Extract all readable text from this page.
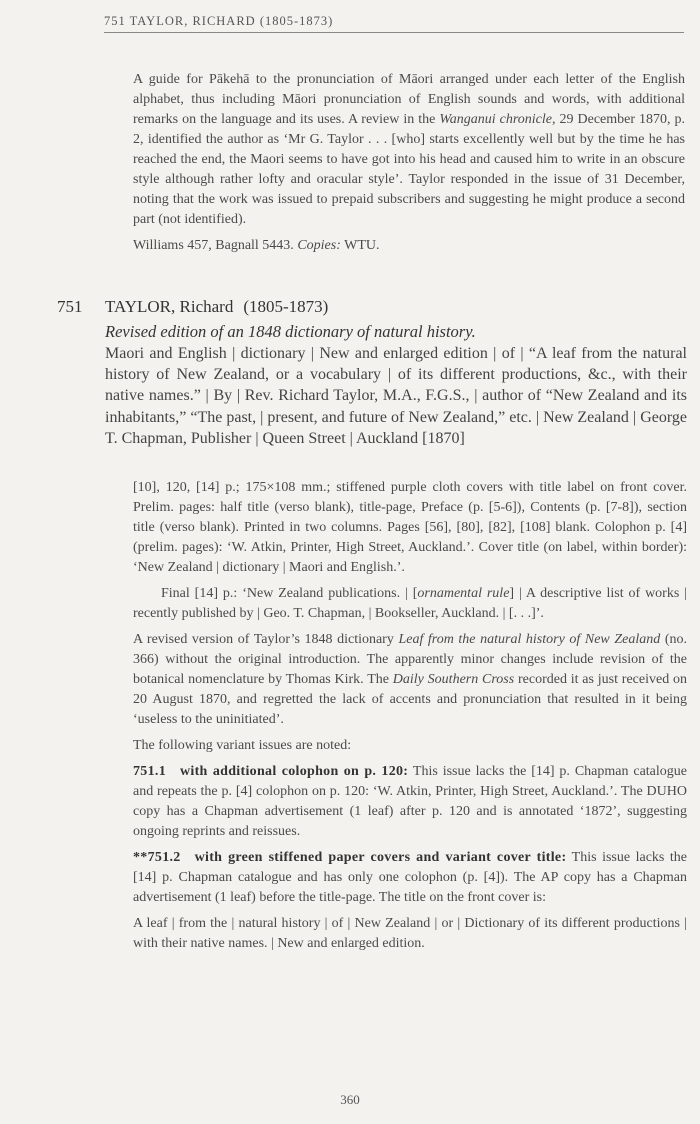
751 TAYLOR, RICHARD (1805-1873)

A guide for Pākehā to the pronunciation of Māori arranged under each letter of the English alphabet, thus including Māori pronunciation of English sounds and words, with additional remarks on the language and its uses. A review in the Wanganui chronicle, 29 December 1870, p. 2, identified the author as ‘Mr G. Taylor . . . [who] starts excellently well but by the time he has reached the end, the Maori seems to have got into his head and caused him to write in an obscure style although rather lofty and oracular style’. Taylor responded in the issue of 31 December, noting that the work was issued to prepaid subscribers and suggesting he might produce a second part (not identified).

Williams 457, Bagnall 5443. Copies: WTU.

751 TAYLOR, Richard (1805-1873)
Revised edition of an 1848 dictionary of natural history.
Maori and English | dictionary | New and enlarged edition | of | “A leaf from the natural history of New Zealand, or a vocabulary | of its different productions, &c., with their native names.” | By | Rev. Richard Taylor, M.A., F.G.S., | author of “New Zealand and its inhabitants,” “The past, | present, and future of New Zealand,” etc. | New Zealand | George T. Chapman, Publisher | Queen Street | Auckland [1870]

[10], 120, [14] p.; 175×108 mm.; stiffened purple cloth covers with title label on front cover. Prelim. pages: half title (verso blank), title-page, Preface (p. [5-6]), Contents (p. [7-8]), section title (verso blank). Printed in two columns. Pages [56], [80], [82], [108] blank. Colophon p. [4] (prelim. pages): ‘W. Atkin, Printer, High Street, Auckland.’. Cover title (on label, within border): ‘New Zealand | dictionary | Maori and English.’.

Final [14] p.: ‘New Zealand publications. | [ornamental rule] | A descriptive list of works | recently published by | Geo. T. Chapman, | Bookseller, Auckland. | [. . .]’.

A revised version of Taylor’s 1848 dictionary Leaf from the natural history of New Zealand (no. 366) without the original introduction. The apparently minor changes include revision of the botanical nomenclature by Thomas Kirk. The Daily Southern Cross recorded it as just received on 20 August 1870, and regretted the lack of accents and pronunciation that resulted in it being ‘useless to the uninitiated’.

The following variant issues are noted:

751.1 with additional colophon on p. 120: This issue lacks the [14] p. Chapman catalogue and repeats the p. [4] colophon on p. 120: ‘W. Atkin, Printer, High Street, Auckland.’. The DUHO copy has a Chapman advertisement (1 leaf) after p. 120 and is annotated ‘1872’, suggesting ongoing reprints and reissues.

**751.2 with green stiffened paper covers and variant cover title: This issue lacks the [14] p. Chapman catalogue and has only one colophon (p. [4]). The AP copy has a Chapman advertisement (1 leaf) before the title-page. The title on the front cover is:

A leaf | from the | natural history | of | New Zealand | or | Dictionary of its different productions | with their native names. | New and enlarged edition.

360
